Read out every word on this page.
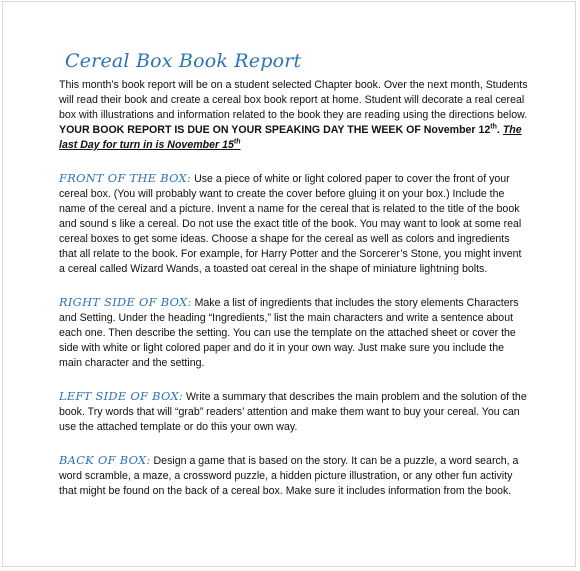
Cereal Box Book Report

This month’s book report will be on a student selected Chapter book. Over the next month, Students will read their book and create a cereal box book report at home. Student will decorate a real cereal box with illustrations and information related to the book they are reading using the directions below. YOUR BOOK REPORT IS DUE ON YOUR SPEAKING DAY THE WEEK OF November 12th. The last Day for turn in is November 15th

FRONT OF THE BOX: Use a piece of white or light colored paper to cover the front of your cereal box. (You will probably want to create the cover before gluing it on your box.) Include the name of the cereal and a picture. Invent a name for the cereal that is related to the title of the book and sound s like a cereal. Do not use the exact title of the book. You may want to look at some real cereal boxes to get some ideas. Choose a shape for the cereal as well as colors and ingredients that all relate to the book. For example, for Harry Potter and the Sorcerer’s Stone, you might invent a cereal called Wizard Wands, a toasted oat cereal in the shape of miniature lightning bolts.

RIGHT SIDE OF BOX: Make a list of ingredients that includes the story elements Characters and Setting. Under the heading “Ingredients,” list the main characters and write a sentence about each one. Then describe the setting. You can use the template on the attached sheet or cover the side with white or light colored paper and do it in your own way. Just make sure you include the main character and the setting.

LEFT SIDE OF BOX: Write a summary that describes the main problem and the solution of the book. Try words that will “grab” readers’ attention and make them want to buy your cereal. You can use the attached template or do this your own way.

BACK OF BOX: Design a game that is based on the story. It can be a puzzle, a word search, a word scramble, a maze, a crossword puzzle, a hidden picture illustration, or any other fun activity that might be found on the back of a cereal box. Make sure it includes information from the book.
